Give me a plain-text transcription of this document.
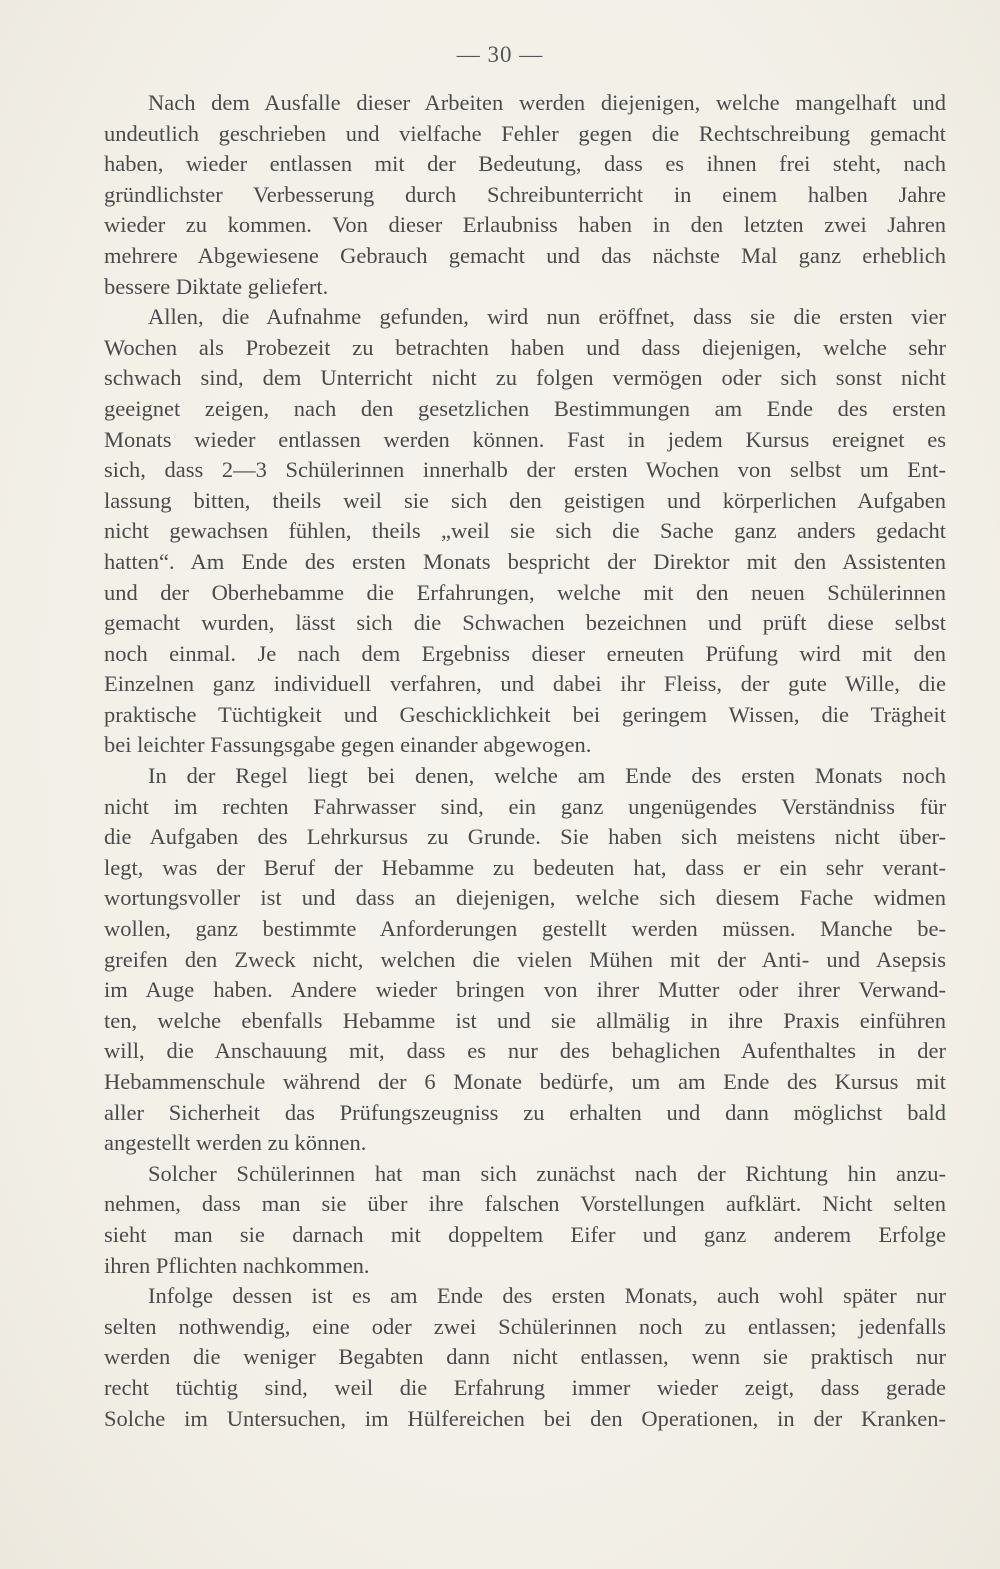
— 30 —
Nach dem Ausfalle dieser Arbeiten werden diejenigen, welche mangelhaft und
undeutlich geschrieben und vielfache Fehler gegen die Rechtschreibung gemacht
haben, wieder entlassen mit der Bedeutung, dass es ihnen frei steht, nach
gründlichster Verbesserung durch Schreibunterricht in einem halben Jahre
wieder zu kommen. Von dieser Erlaubniss haben in den letzten zwei Jahren
mehrere Abgewiesene Gebrauch gemacht und das nächste Mal ganz erheblich
bessere Diktate geliefert.
Allen, die Aufnahme gefunden, wird nun eröffnet, dass sie die ersten vier
Wochen als Probezeit zu betrachten haben und dass diejenigen, welche sehr
schwach sind, dem Unterricht nicht zu folgen vermögen oder sich sonst nicht
geeignet zeigen, nach den gesetzlichen Bestimmungen am Ende des ersten
Monats wieder entlassen werden können. Fast in jedem Kursus ereignet es
sich, dass 2—3 Schülerinnen innerhalb der ersten Wochen von selbst um Ent-
lassung bitten, theils weil sie sich den geistigen und körperlichen Aufgaben
nicht gewachsen fühlen, theils „weil sie sich die Sache ganz anders gedacht
hatten“. Am Ende des ersten Monats bespricht der Direktor mit den Assistenten
und der Oberhebamme die Erfahrungen, welche mit den neuen Schülerinnen
gemacht wurden, lässt sich die Schwachen bezeichnen und prüft diese selbst
noch einmal. Je nach dem Ergebniss dieser erneuten Prüfung wird mit den
Einzelnen ganz individuell verfahren, und dabei ihr Fleiss, der gute Wille, die
praktische Tüchtigkeit und Geschicklichkeit bei geringem Wissen, die Trägheit
bei leichter Fassungsgabe gegen einander abgewogen.
In der Regel liegt bei denen, welche am Ende des ersten Monats noch
nicht im rechten Fahrwasser sind, ein ganz ungenügendes Verständniss für
die Aufgaben des Lehrkursus zu Grunde. Sie haben sich meistens nicht über-
legt, was der Beruf der Hebamme zu bedeuten hat, dass er ein sehr verant-
wortungsvoller ist und dass an diejenigen, welche sich diesem Fache widmen
wollen, ganz bestimmte Anforderungen gestellt werden müssen. Manche be-
greifen den Zweck nicht, welchen die vielen Mühen mit der Anti- und Asepsis
im Auge haben. Andere wieder bringen von ihrer Mutter oder ihrer Verwand-
ten, welche ebenfalls Hebamme ist und sie allmälig in ihre Praxis einführen
will, die Anschauung mit, dass es nur des behaglichen Aufenthaltes in der
Hebammenschule während der 6 Monate bedürfe, um am Ende des Kursus mit
aller Sicherheit das Prüfungszeugniss zu erhalten und dann möglichst bald
angestellt werden zu können.
Solcher Schülerinnen hat man sich zunächst nach der Richtung hin anzu-
nehmen, dass man sie über ihre falschen Vorstellungen aufklärt. Nicht selten
sieht man sie darnach mit doppeltem Eifer und ganz anderem Erfolge
ihren Pflichten nachkommen.
Infolge dessen ist es am Ende des ersten Monats, auch wohl später nur
selten nothwendig, eine oder zwei Schülerinnen noch zu entlassen; jedenfalls
werden die weniger Begabten dann nicht entlassen, wenn sie praktisch nur
recht tüchtig sind, weil die Erfahrung immer wieder zeigt, dass gerade
Solche im Untersuchen, im Hülfereichen bei den Operationen, in der Kranken-
